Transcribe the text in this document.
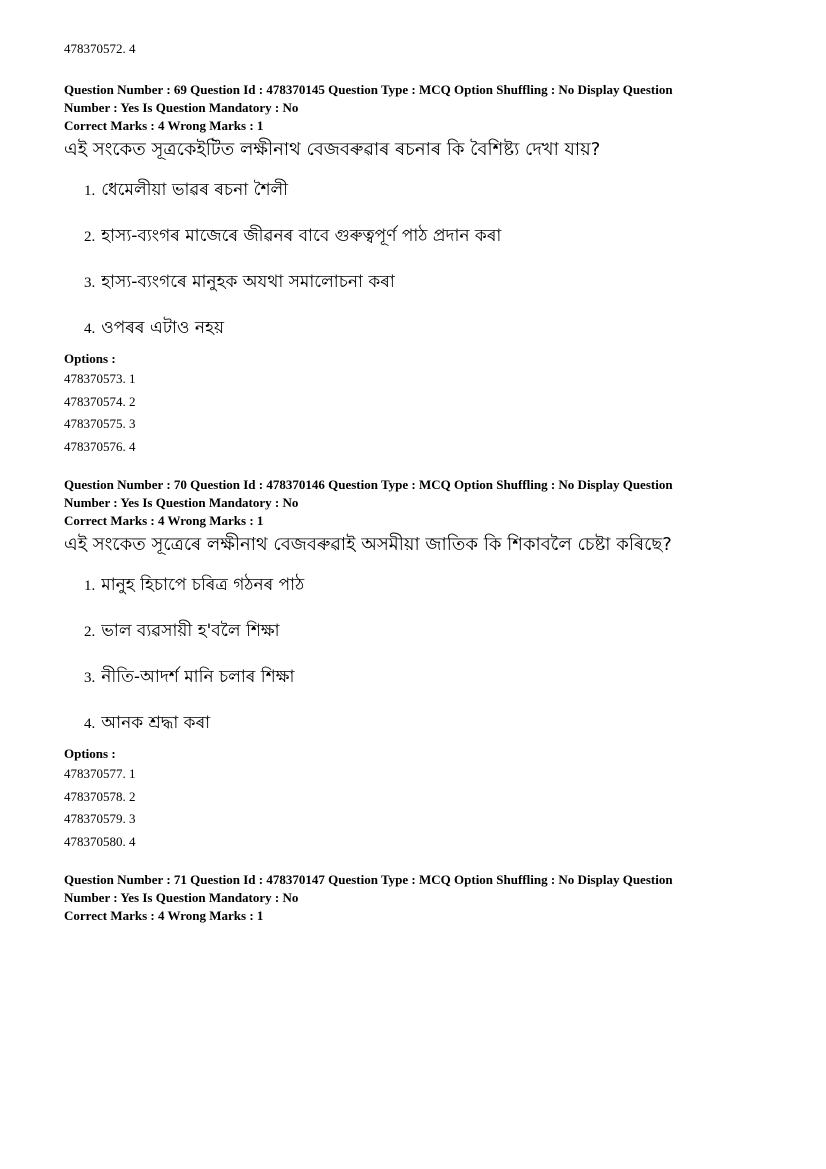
478370572. 4
Question Number : 69 Question Id : 478370145 Question Type : MCQ Option Shuffling : No Display Question
Number : Yes Is Question Mandatory : No
Correct Marks : 4 Wrong Marks : 1
এই সংকেত সূত্ৰকেইটিত লক্ষীনাথ বেজবৰুৱাৰ ৰচনাৰ কি বৈশিষ্ট্য দেখা যায়?
1. ধেমেলীয়া ভাৱৰ ৰচনা শৈলী
2. হাস্য-ব্যংগৰ মাজেৰে জীৱনৰ বাবে গুৰুত্বপূৰ্ণ পাঠ প্ৰদান কৰা
3. হাস্য-ব্যংগৰে মানুহক অযথা সমালোচনা কৰা
4. ওপৰৰ এটাও নহয়
Options :
478370573. 1
478370574. 2
478370575. 3
478370576. 4
Question Number : 70 Question Id : 478370146 Question Type : MCQ Option Shuffling : No Display Question
Number : Yes Is Question Mandatory : No
Correct Marks : 4 Wrong Marks : 1
এই সংকেত সূত্ৰেৰে লক্ষীনাথ বেজবৰুৱাই অসমীয়া জাতিক কি শিকাবলৈ চেষ্টা কৰিছে?
1. মানুহ হিচাপে চৰিত্ৰ গঠনৰ পাঠ
2. ভাল ব্যৱসায়ী হ'বলৈ শিক্ষা
3. নীতি-আদৰ্শ মানি চলাৰ শিক্ষা
4. আনক শ্ৰদ্ধা কৰা
Options :
478370577. 1
478370578. 2
478370579. 3
478370580. 4
Question Number : 71 Question Id : 478370147 Question Type : MCQ Option Shuffling : No Display Question
Number : Yes Is Question Mandatory : No
Correct Marks : 4 Wrong Marks : 1
